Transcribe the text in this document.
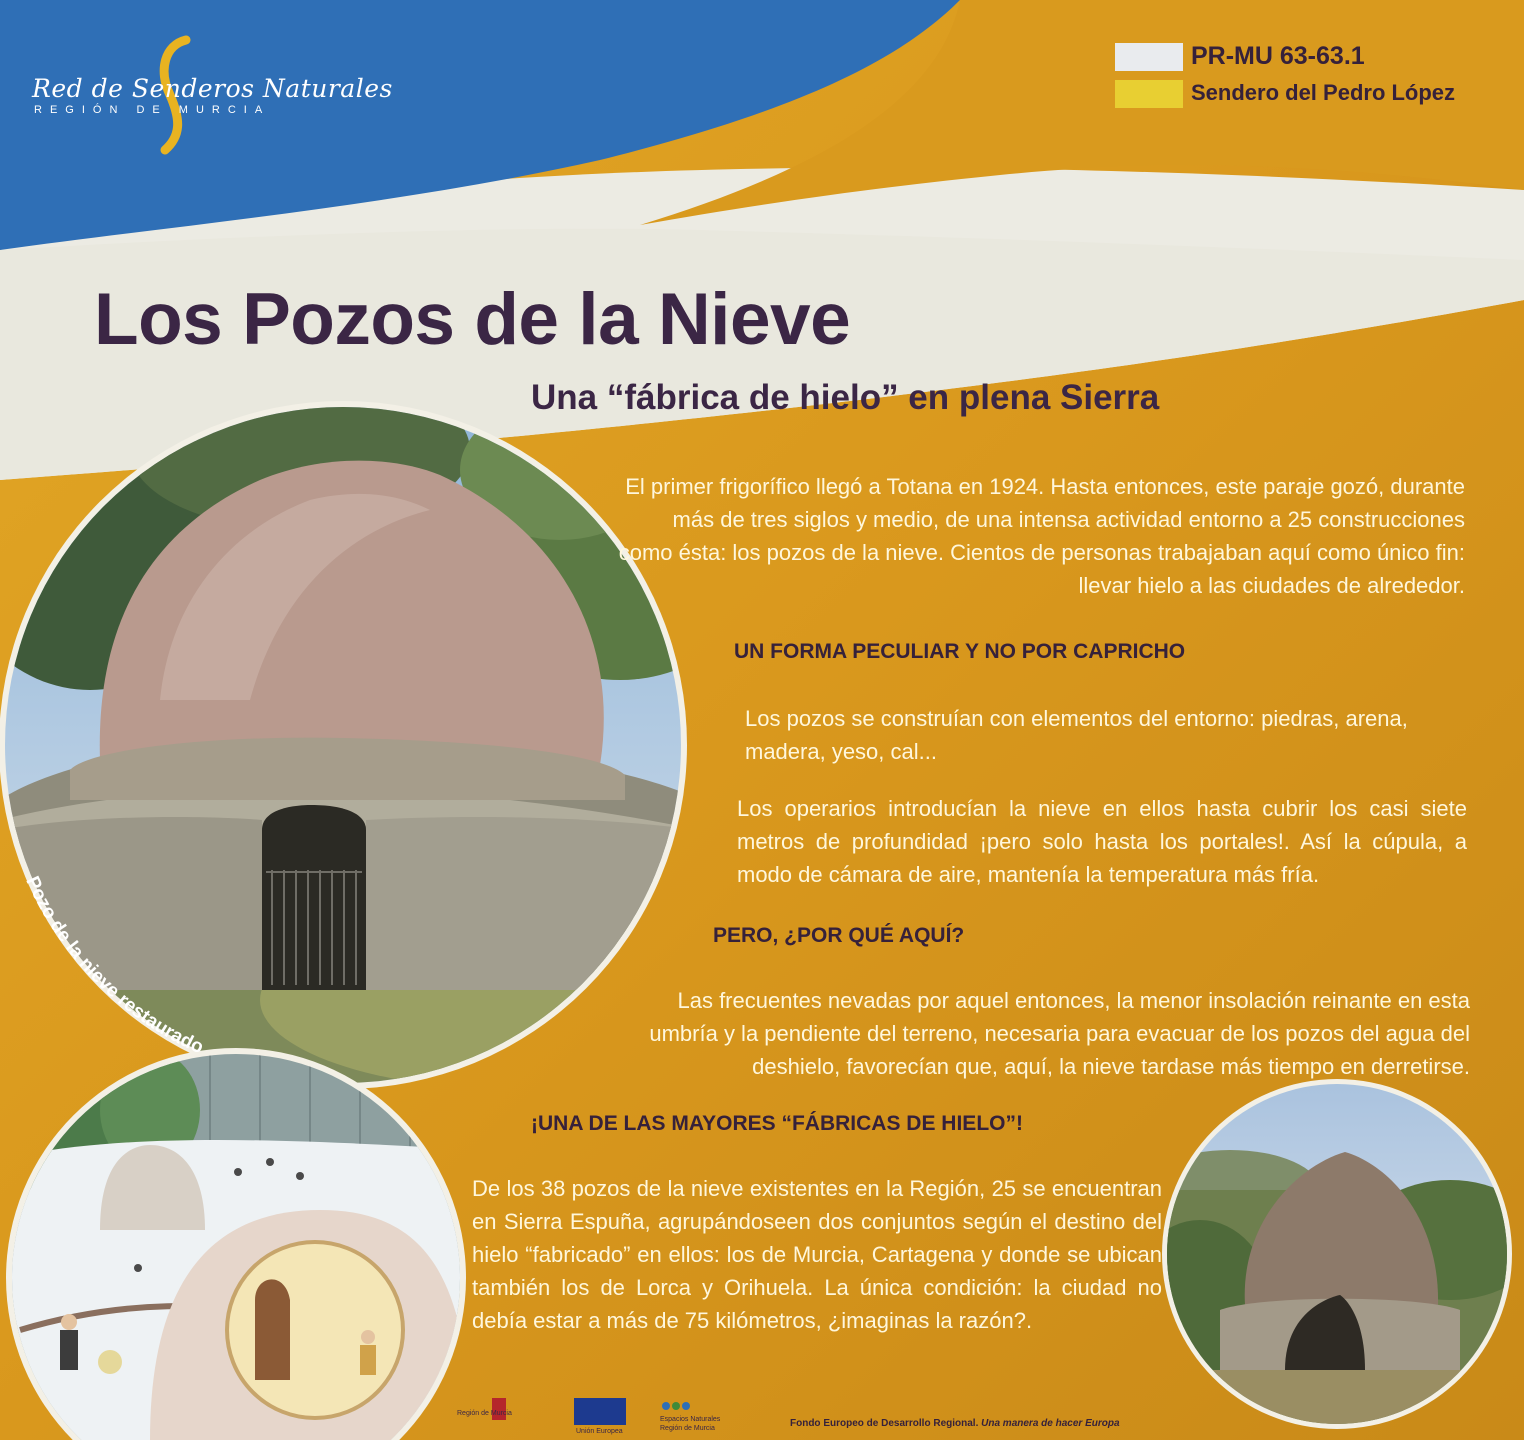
Pozo de la nieve restaurado
Red de Senderos Naturales
REGIÓN DE MURCIA
PR-MU 63-63.1
Sendero del Pedro López
Los Pozos de la Nieve
Una “fábrica de hielo” en plena Sierra
El primer frigorífico llegó a Totana en 1924. Hasta entonces, este paraje gozó, durante más de tres siglos y medio, de una intensa actividad entorno a 25 construcciones como ésta: los pozos de la nieve. Cientos de personas trabajaban aquí como único fin: llevar hielo a las ciudades de alrededor.
UN FORMA PECULIAR Y NO POR CAPRICHO
Los pozos se construían con elementos del entorno: piedras, arena, madera, yeso, cal...
Los operarios introducían la nieve en ellos hasta cubrir los casi siete metros de profundidad ¡pero solo hasta los portales!. Así la cúpula, a modo de cámara de aire, mantenía la temperatura más fría.
PERO, ¿POR QUÉ AQUÍ?
Las frecuentes nevadas por aquel entonces, la menor insolación reinante en esta umbría y la pendiente del terreno, necesaria para evacuar de los pozos del agua del deshielo, favorecían que, aquí, la nieve tardase más tiempo en derretirse.
¡UNA DE LAS MAYORES “FÁBRICAS DE HIELO”!
De los 38 pozos de la nieve existentes en la Región, 25 se encuentran en Sierra Espuña, agrupándoseen dos conjuntos según el destino del hielo “fabricado” en ellos: los de Murcia, Cartagena y donde se ubican también los de Lorca y Orihuela. La única condición: la ciudad no debía estar a más de 75 kilómetros, ¿imaginas la razón?.
Región de Murcia
Unión Europea
Espacios Naturales
Región de Murcia	Fondo Europeo de Desarrollo Regional. Una manera de hacer Europa
